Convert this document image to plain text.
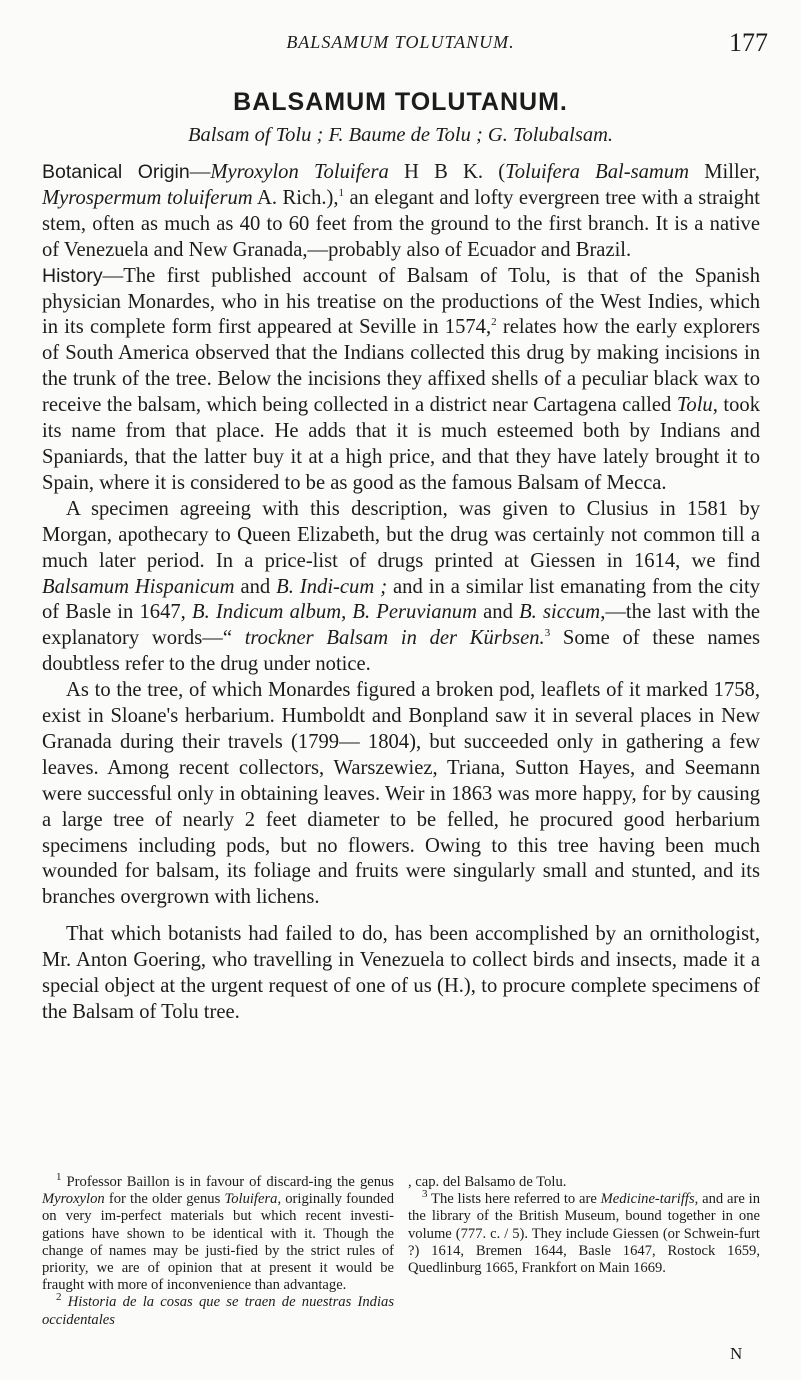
BALSAMUM TOLUTANUM.	177
BALSAMUM TOLUTANUM.
Balsam of Tolu ; F. Baume de Tolu ; G. Tolubalsam.

Botanical Origin—Myroxylon Toluifera H B K. (Toluifera Bal-samum Miller, Myrospermum toluiferum A. Rich.),$^1$ an elegant and lofty evergreen tree with a straight stem, often as much as 40 to 60 feet from the ground to the first branch. It is a native of Venezuela and New Granada,—probably also of Ecuador and Brazil.

History—The first published account of Balsam of Tolu, is that of the Spanish physician Monardes, who in his treatise on the productions of the West Indies, which in its complete form first appeared at Seville in 1574,$^2$ relates how the early explorers of South America observed that the Indians collected this drug by making incisions in the trunk of the tree. Below the incisions they affixed shells of a peculiar black wax to receive the balsam, which being collected in a district near Cartagena called Tolu, took its name from that place. He adds that it is much esteemed both by Indians and Spaniards, that the latter buy it at a high price, and that they have lately brought it to Spain, where it is considered to be as good as the famous Balsam of Mecca.

A specimen agreeing with this description, was given to Clusius in 1581 by Morgan, apothecary to Queen Elizabeth, but the drug was certainly not common till a much later period. In a price-list of drugs printed at Giessen in 1614, we find Balsamum Hispanicum and B. Indi-cum ; and in a similar list emanating from the city of Basle in 1647, B. Indicum album, B. Peruvianum and B. siccum,—the last with the explanatory words—“ trockner Balsam in der Kürbsen.$^3$ Some of these names doubtless refer to the drug under notice.

As to the tree, of which Monardes figured a broken pod, leaflets of it marked 1758, exist in Sloane's herbarium. Humboldt and Bonpland saw it in several places in New Granada during their travels (1799— 1804), but succeeded only in gathering a few leaves. Among recent collectors, Warszewiez, Triana, Sutton Hayes, and Seemann were successful only in obtaining leaves. Weir in 1863 was more happy, for by causing a large tree of nearly 2 feet diameter to be felled, he procured good herbarium specimens including pods, but no flowers. Owing to this tree having been much wounded for balsam, its foliage and fruits were singularly small and stunted, and its branches overgrown with lichens.

That which botanists had failed to do, has been accomplished by an ornithologist, Mr. Anton Goering, who travelling in Venezuela to collect birds and insects, made it a special object at the urgent request of one of us (H.), to procure complete specimens of the Balsam of Tolu tree.

$^1$ Professor Baillon is in favour of discard-ing the genus Myroxylon for the older genus Toluifera, originally founded on very im-perfect materials but which recent investi-gations have shown to be identical with it. Though the change of names may be justi-fied by the strict rules of priority, we are of opinion that at present it would be fraught with more of inconvenience than advantage.

$^2$ Historia de la cosas que se traen de nuestras Indias occidentales

, cap. del Balsamo de Tolu.

$^3$ The lists here referred to are Medicine-tariffs, and are in the library of the British Museum, bound together in one volume (777. c. / 5). They include Giessen (or Schwein-furt ?) 1614, Bremen 1644, Basle 1647, Rostock 1659, Quedlinburg 1665, Frankfort on Main 1669.

N
